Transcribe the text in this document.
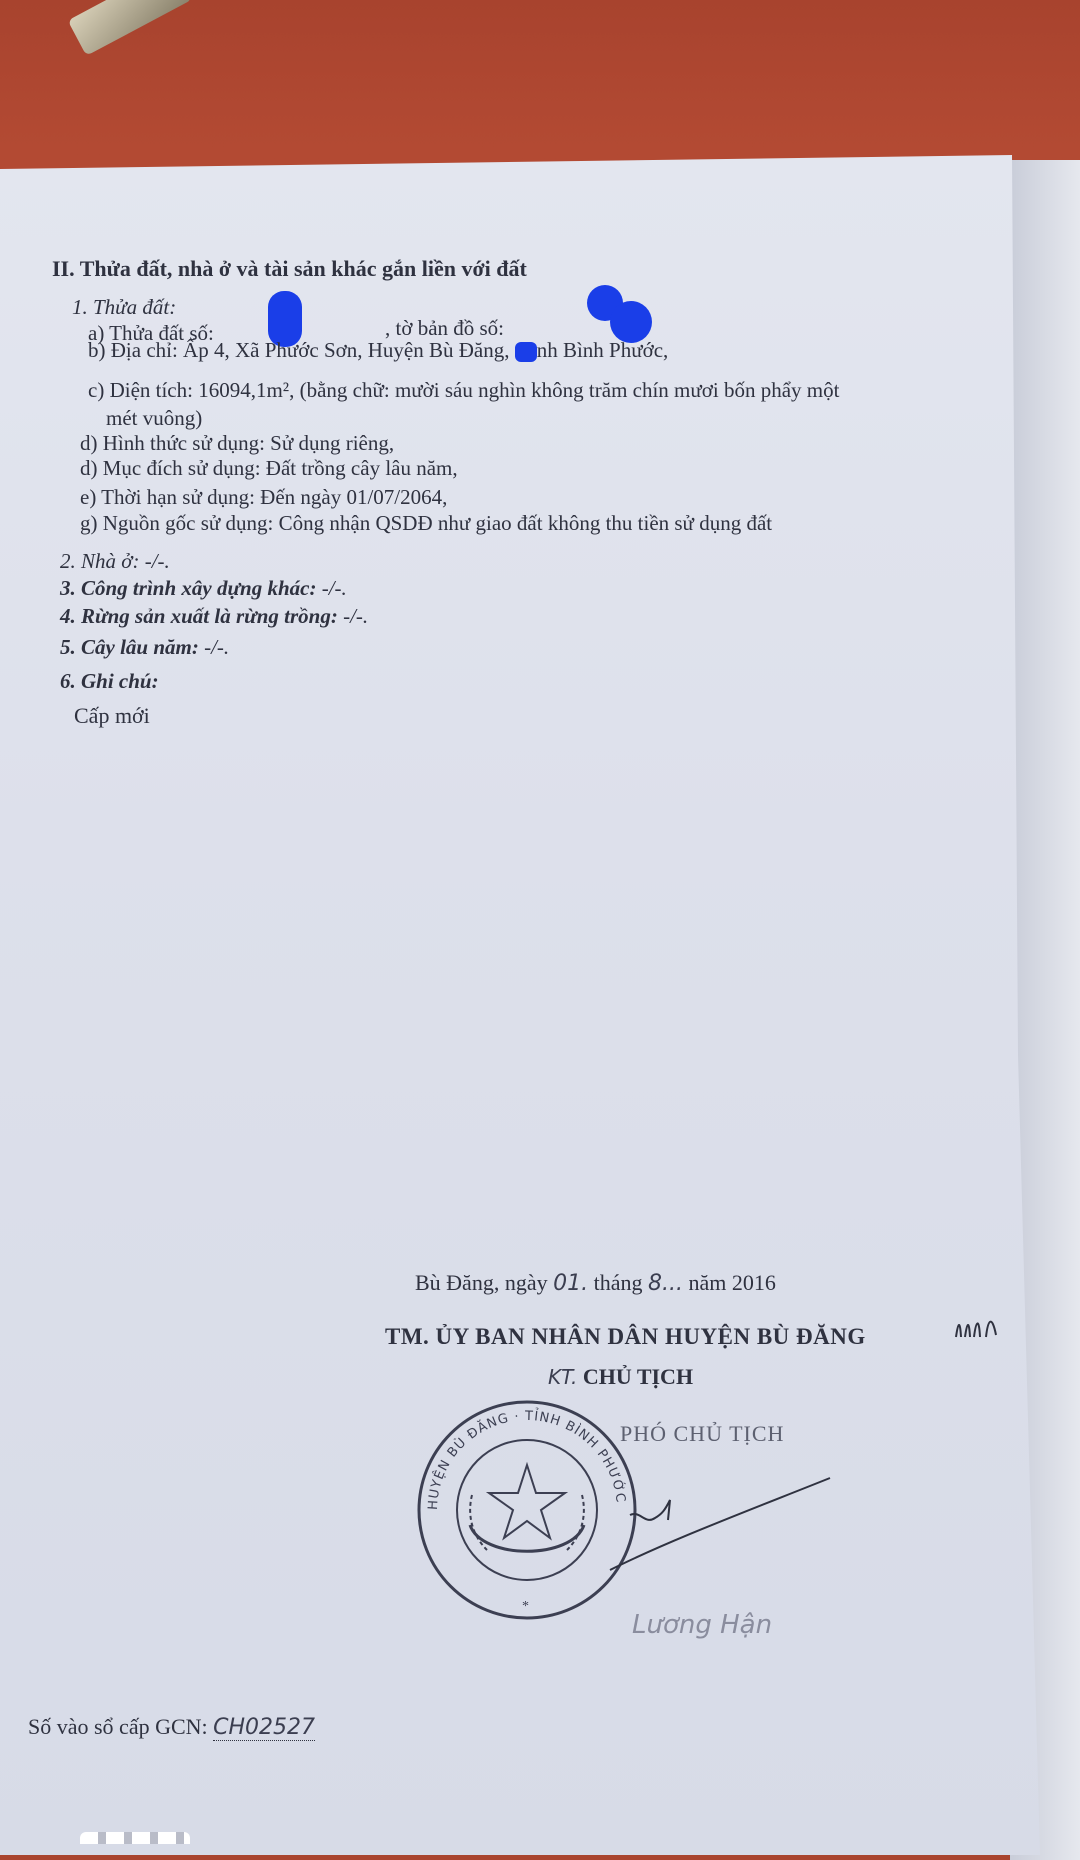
II. Thửa đất, nhà ở và tài sản khác gắn liền với đất
1. Thửa đất:
a) Thửa đất số:	, tờ bản đồ số:
b) Địa chỉ: Ấp 4, Xã Phước Sơn, Huyện Bù Đăng, nh Bình Phước,
c) Diện tích: 16094,1m², (bằng chữ: mười sáu nghìn không trăm chín mươi bốn phẩy một
mét vuông)
d) Hình thức sử dụng: Sử dụng riêng,
d) Mục đích sử dụng: Đất trồng cây lâu năm,
e) Thời hạn sử dụng: Đến ngày 01/07/2064,
g) Nguồn gốc sử dụng: Công nhận QSDĐ như giao đất không thu tiền sử dụng đất
2. Nhà ở: -/-.
3. Công trình xây dựng khác: -/-.
4. Rừng sản xuất là rừng trồng: -/-.
5. Cây lâu năm: -/-.
6. Ghi chú:
Cấp mới
Bù Đăng, ngày 01. tháng 8... năm 2016
TM. ỦY BAN NHÂN DÂN HUYỆN BÙ ĐĂNG
KT. CHỦ TỊCH
PHÓ CHỦ TỊCH
HUYỆN BÙ ĐĂNG · TỈNH BÌNH PHƯỚC
*
Lương Hận
Số vào sổ cấp GCN: CH02527
